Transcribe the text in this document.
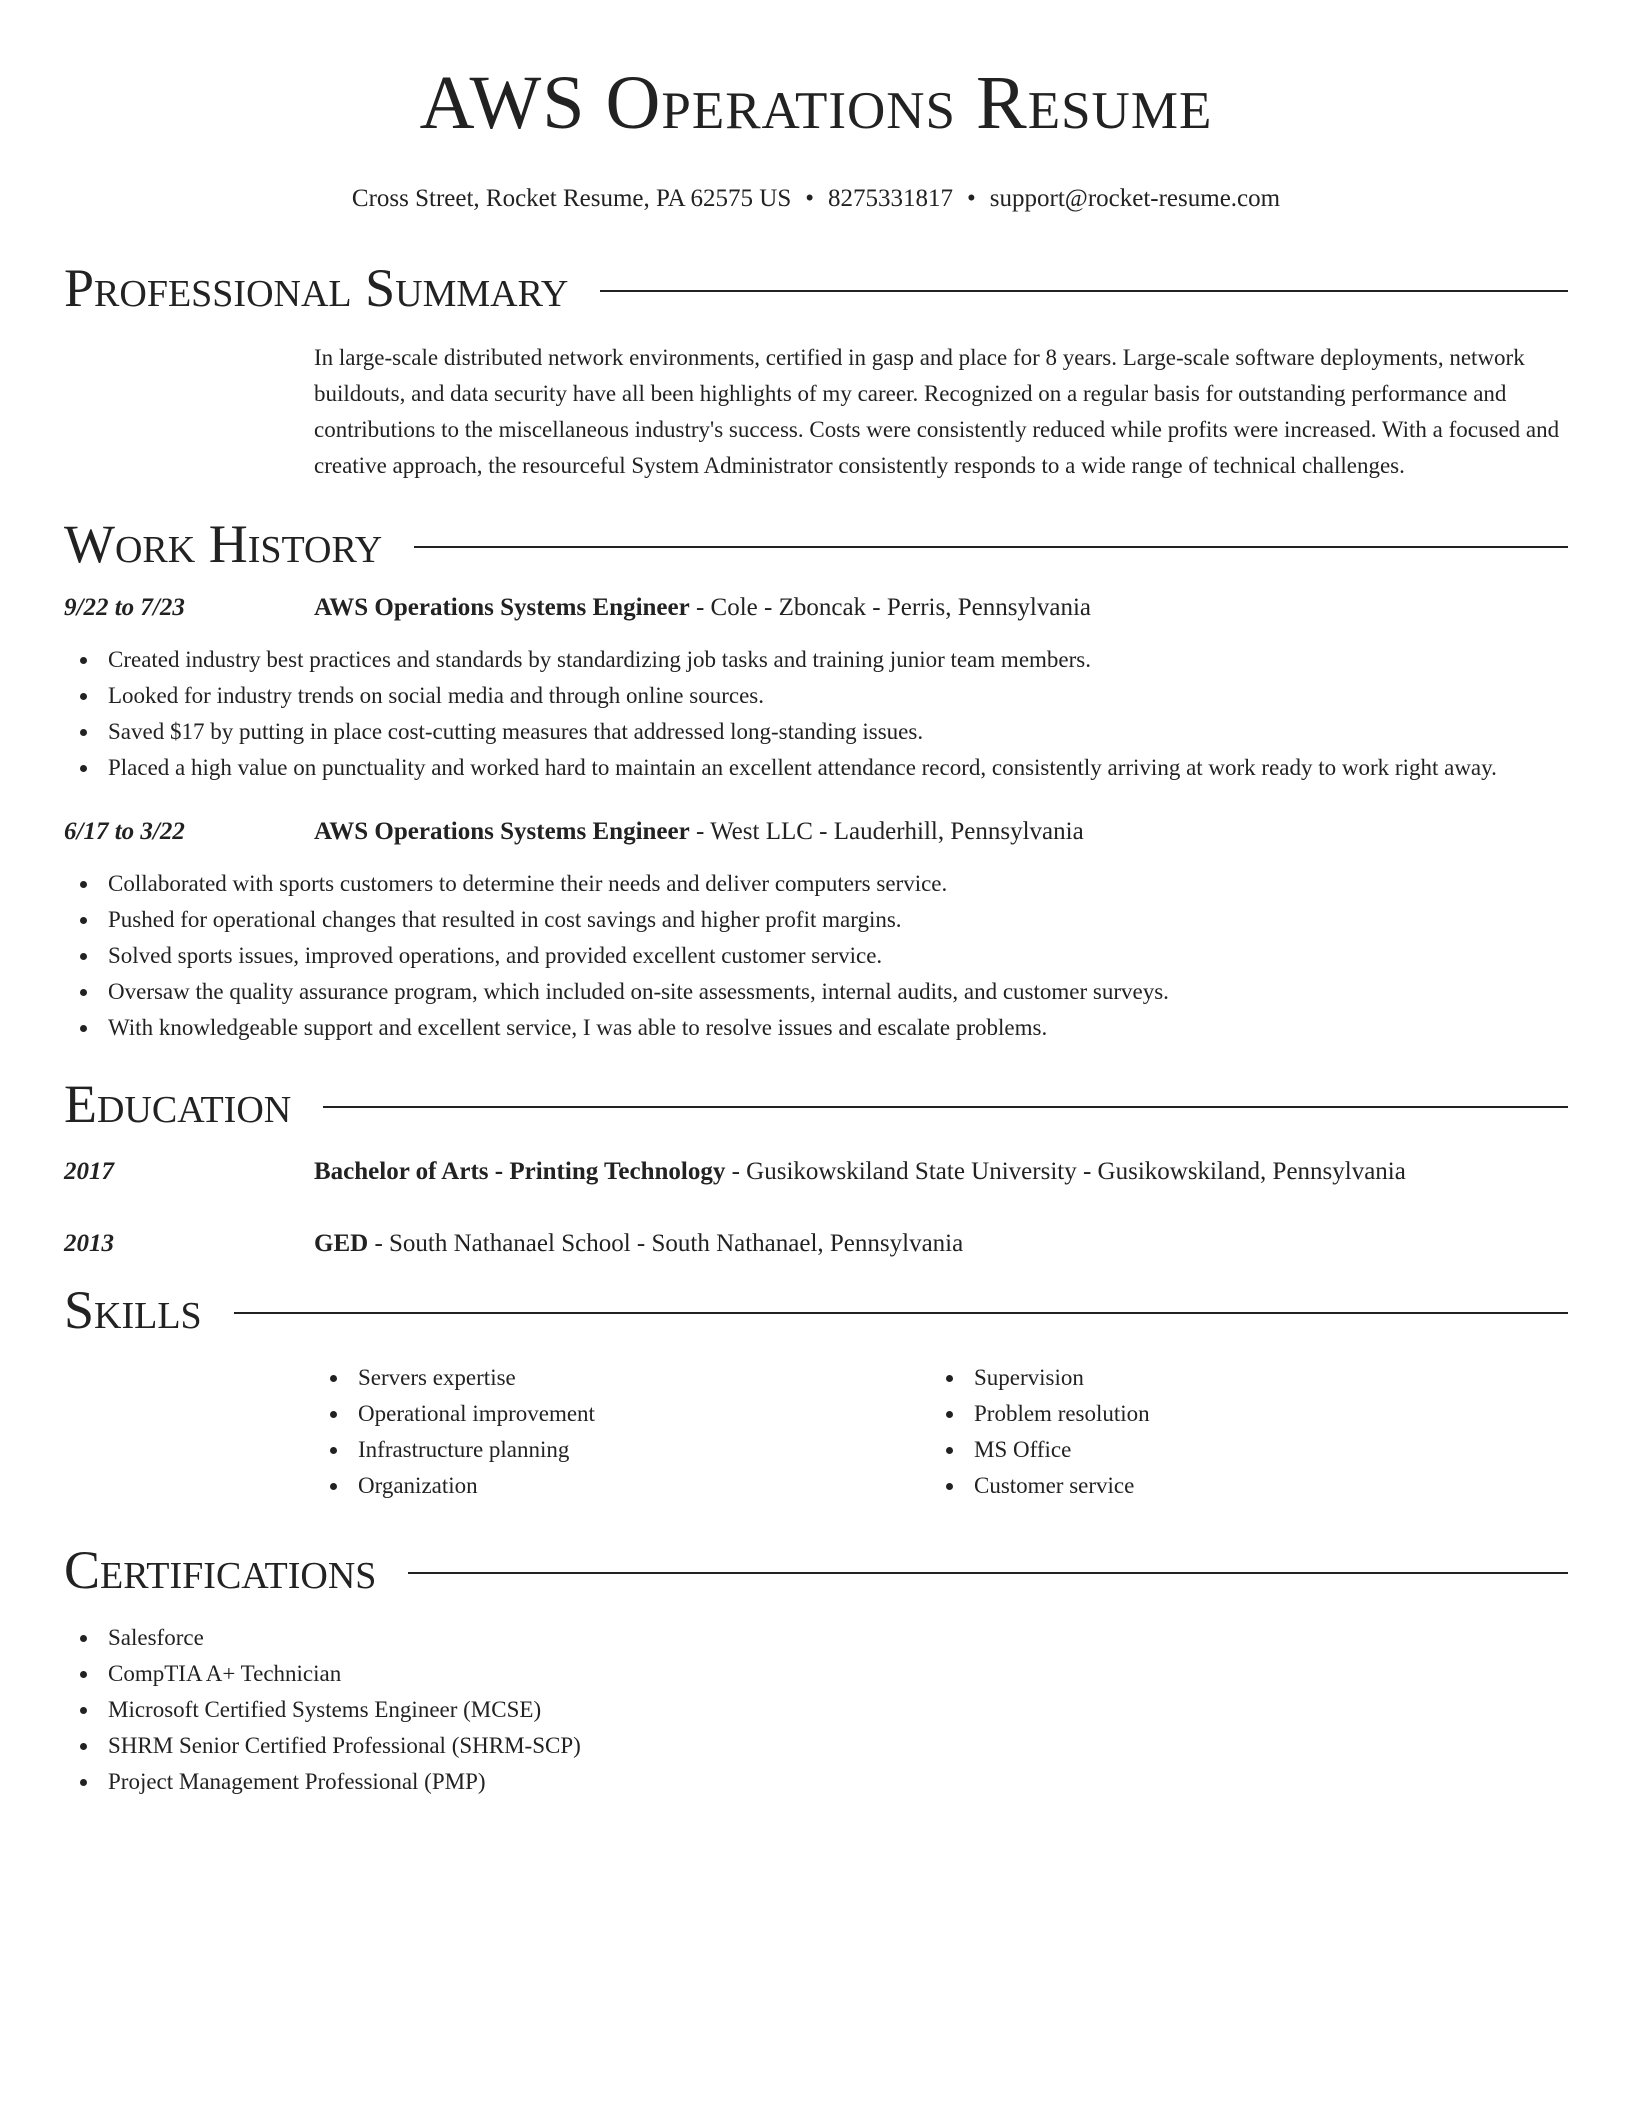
AWS Operations Resume
Cross Street, Rocket Resume, PA 62575 US • 8275331817 • support@rocket-resume.com
Professional Summary
In large-scale distributed network environments, certified in gasp and place for 8 years. Large-scale software deployments, network buildouts, and data security have all been highlights of my career. Recognized on a regular basis for outstanding performance and contributions to the miscellaneous industry's success. Costs were consistently reduced while profits were increased. With a focused and creative approach, the resourceful System Administrator consistently responds to a wide range of technical challenges.
Work History
9/22 to 7/23	AWS Operations Systems Engineer - Cole - Zboncak - Perris, Pennsylvania
Created industry best practices and standards by standardizing job tasks and training junior team members.
Looked for industry trends on social media and through online sources.
Saved $17 by putting in place cost-cutting measures that addressed long-standing issues.
Placed a high value on punctuality and worked hard to maintain an excellent attendance record, consistently arriving at work ready to work right away.
6/17 to 3/22	AWS Operations Systems Engineer - West LLC - Lauderhill, Pennsylvania
Collaborated with sports customers to determine their needs and deliver computers service.
Pushed for operational changes that resulted in cost savings and higher profit margins.
Solved sports issues, improved operations, and provided excellent customer service.
Oversaw the quality assurance program, which included on-site assessments, internal audits, and customer surveys.
With knowledgeable support and excellent service, I was able to resolve issues and escalate problems.
Education
2017	Bachelor of Arts - Printing Technology - Gusikowskiland State University - Gusikowskiland, Pennsylvania
2013	GED - South Nathanael School - South Nathanael, Pennsylvania
Skills
Servers expertise
Operational improvement
Infrastructure planning
Organization
Supervision
Problem resolution
MS Office
Customer service
Certifications
Salesforce
CompTIA A+ Technician
Microsoft Certified Systems Engineer (MCSE)
SHRM Senior Certified Professional (SHRM-SCP)
Project Management Professional (PMP)
